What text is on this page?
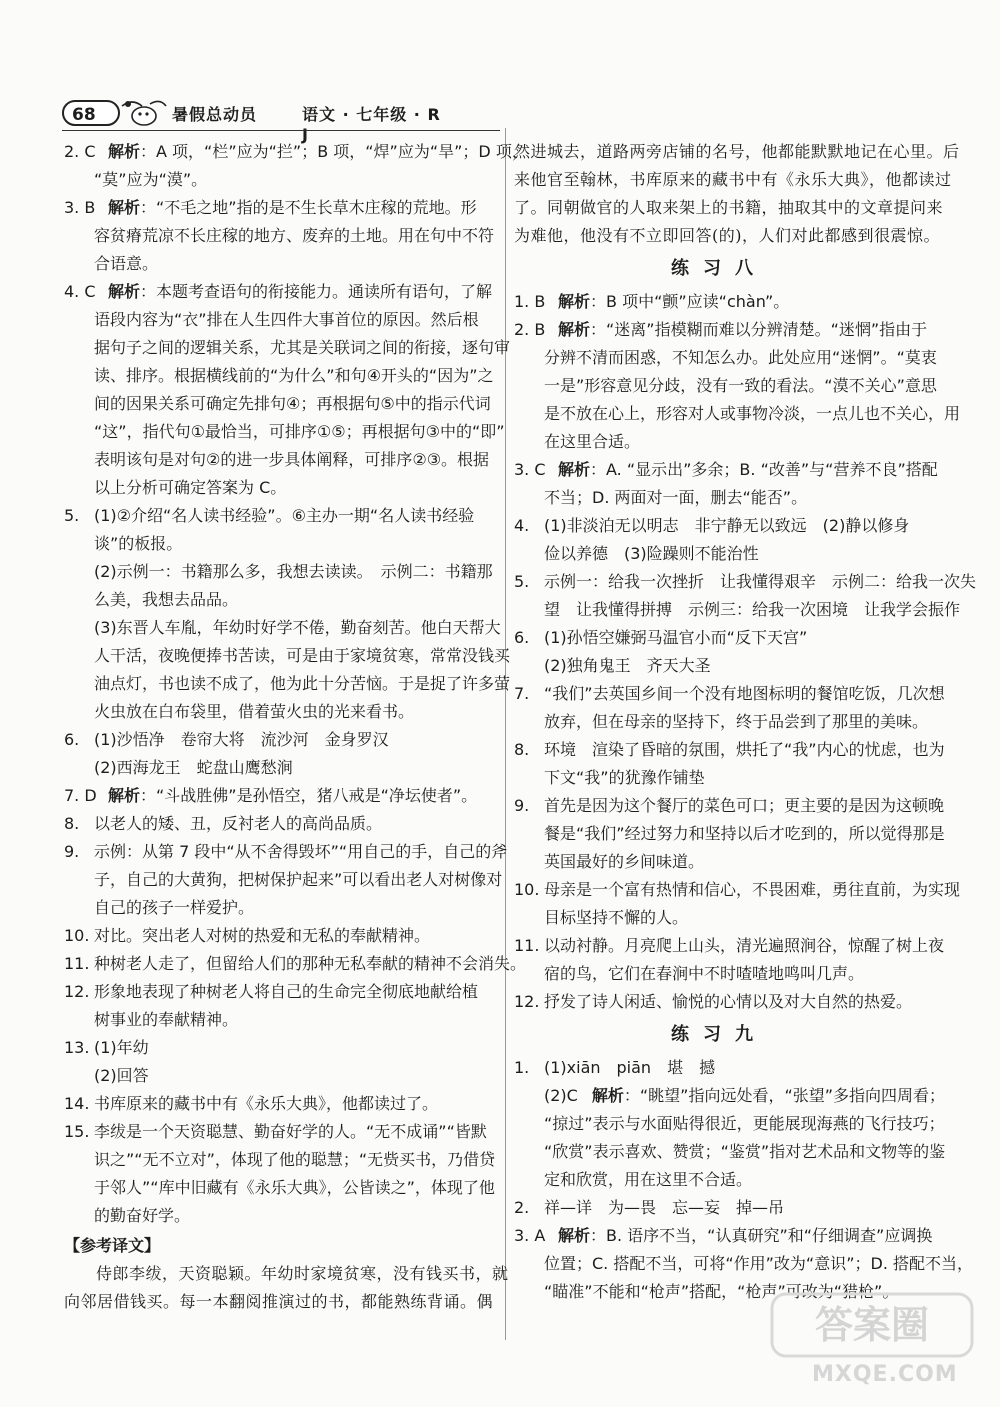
68	暑假总动员	语文 · 七年级 · R J
2. C 解析：A 项，“栏”应为“拦”；B 项，“焊”应为“旱”；D 项，
“莫”应为“漠”。
3. B 解析：“不毛之地”指的是不生长草木庄稼的荒地。形
容贫瘠荒凉不长庄稼的地方、废弃的土地。用在句中不符
合语意。
4. C 解析：本题考查语句的衔接能力。通读所有语句，了解
语段内容为“衣”排在人生四件大事首位的原因。然后根
据句子之间的逻辑关系，尤其是关联词之间的衔接，逐句审
读、排序。根据横线前的“为什么”和句④开头的“因为”之
间的因果关系可确定先排句④；再根据句⑤中的指示代词
“这”，指代句①最恰当，可排序①⑤；再根据句③中的“即”
表明该句是对句②的进一步具体阐释，可排序②③。根据
以上分析可确定答案为 C。
5. (1)②介绍“名人读书经验”。⑥主办一期“名人读书经验
谈”的板报。
(2)示例一：书籍那么多，我想去读读。　示例二：书籍那
么美，我想去品品。
(3)东晋人车胤，年幼时好学不倦，勤奋刻苦。他白天帮大
人干活，夜晚便捧书苦读，可是由于家境贫寒，常常没钱买
油点灯，书也读不成了，他为此十分苦恼。于是捉了许多萤
火虫放在白布袋里，借着萤火虫的光来看书。
6. (1)沙悟净　卷帘大将　流沙河　金身罗汉
(2)西海龙王　蛇盘山鹰愁涧
7. D 解析：“斗战胜佛”是孙悟空，猪八戒是“净坛使者”。
8. 以老人的矮、丑，反衬老人的高尚品质。
9. 示例：从第 7 段中“从不舍得毁坏”“用自己的手，自己的斧
子，自己的大黄狗，把树保护起来”可以看出老人对树像对
自己的孩子一样爱护。
10. 对比。突出老人对树的热爱和无私的奉献精神。
11. 种树老人走了，但留给人们的那种无私奉献的精神不会消失。
12. 形象地表现了种树老人将自己的生命完全彻底地献给植
树事业的奉献精神。
13. (1)年幼
(2)回答
14. 书库原来的藏书中有《永乐大典》，他都读过了。
15. 李绂是一个天资聪慧、勤奋好学的人。“无不成诵”“皆默
识之”“无不立对”，体现了他的聪慧；“无赀买书，乃借贷
于邻人”“库中旧藏有《永乐大典》，公皆读之”，体现了他
的勤奋好学。
【参考译文】
侍郎李绂，天资聪颖。年幼时家境贫寒，没有钱买书，就
向邻居借钱买。每一本翻阅推演过的书，都能熟练背诵。偶
然进城去，道路两旁店铺的名号，他都能默默地记在心里。后
来他官至翰林，书库原来的藏书中有《永乐大典》，他都读过
了。同朝做官的人取来架上的书籍，抽取其中的文章提问来
为难他，他没有不立即回答(的)，人们对此都感到很震惊。
练习八
1. B 解析：B 项中“颤”应读“chàn”。
2. B 解析：“迷离”指模糊而难以分辨清楚。“迷惘”指由于
分辨不清而困惑，不知怎么办。此处应用“迷惘”。“莫衷
一是”形容意见分歧，没有一致的看法。“漠不关心”意思
是不放在心上，形容对人或事物冷淡，一点儿也不关心，用
在这里合适。
3. C 解析：A. “显示出”多余；B. “改善”与“营养不良”搭配
不当；D. 两面对一面，删去“能否”。
4. (1)非淡泊无以明志　非宁静无以致远　(2)静以修身
俭以养德　(3)险躁则不能治性
5. 示例一：给我一次挫折　让我懂得艰辛　示例二：给我一次失
望　让我懂得拼搏　示例三：给我一次困境　让我学会振作
6. (1)孙悟空嫌弼马温官小而“反下天宫”
(2)独角鬼王　齐天大圣
7. “我们”去英国乡间一个没有地图标明的餐馆吃饭，几次想
放弃，但在母亲的坚持下，终于品尝到了那里的美味。
8. 环境　渲染了昏暗的氛围，烘托了“我”内心的忧虑，也为
下文“我”的犹豫作铺垫
9. 首先是因为这个餐厅的菜色可口；更主要的是因为这顿晚
餐是“我们”经过努力和坚持以后才吃到的，所以觉得那是
英国最好的乡间味道。
10. 母亲是一个富有热情和信心，不畏困难，勇往直前，为实现
目标坚持不懈的人。
11. 以动衬静。月亮爬上山头，清光遍照涧谷，惊醒了树上夜
宿的鸟，它们在春涧中不时喳喳地鸣叫几声。
12. 抒发了诗人闲适、愉悦的心情以及对大自然的热爱。
练习九
1. (1)xiān　piān　堪　撼
(2)C 解析：“眺望”指向远处看，“张望”多指向四周看；
“掠过”表示与水面贴得很近，更能展现海燕的飞行技巧；
“欣赏”表示喜欢、赞赏；“鉴赏”指对艺术品和文物等的鉴
定和欣赏，用在这里不合适。
2. 祥—详　为—畏　忘—妄　掉—吊
3. A 解析：B. 语序不当，“认真研究”和“仔细调查”应调换
位置；C. 搭配不当，可将“作用”改为“意识”；D. 搭配不当，
“瞄准”不能和“枪声”搭配，“枪声”可改为“猎枪”。
答案圈
MXQE.COM
